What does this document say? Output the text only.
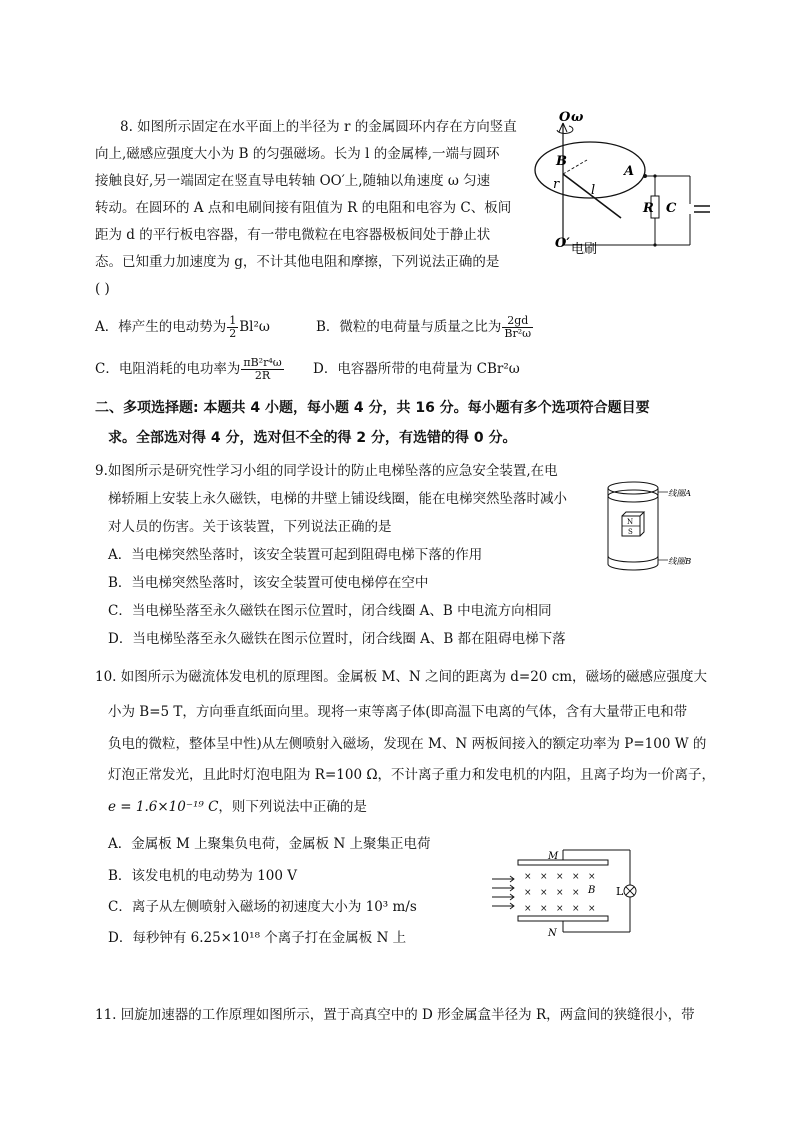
8. 如图所示固定在水平面上的半径为 r 的金属圆环内存在方向竖直
向上,磁感应强度大小为 B 的匀强磁场。长为 l 的金属棒,一端与圆环
接触良好,另一端固定在竖直导电转轴 OO′上,随轴以角速度 ω 匀速
转动。在圆环的 A 点和电刷间接有阻值为 R 的电阻和电容为 C、板间
距为 d 的平行板电容器，有一带电微粒在电容器极板间处于静止状
态。已知重力加速度为 g，不计其他电阻和摩擦，下列说法正确的是
( )
A．棒产生的电动势为 $\frac{1}{2} Bl^2\omega$	B．微粒的电荷量与质量之比为 $\frac{2gd}{\text{Br²ω}}$
C．电阻消耗的电功率为 $\frac{\text{πB²r⁴ω}}{2R}$ D．电容器所带的电荷量为 CBr²ω
O ω
B
r l
A
R C
O′ 电刷
二、多项选择题: 本题共 4 小题，每小题 4 分，共 16 分。每小题有多个选项符合题目要
求。全部选对得 4 分，选对但不全的得 2 分，有选错的得 0 分。
9.如图所示是研究性学习小组的同学设计的防止电梯坠落的应急安全装置,在电
梯轿厢上安装上永久磁铁，电梯的井壁上铺设线圈，能在电梯突然坠落时减小
对人员的伤害。关于该装置，下列说法正确的是
A．当电梯突然坠落时，该安全装置可起到阻碍电梯下落的作用
B．当电梯突然坠落时，该安全装置可使电梯停在空中
C．当电梯坠落至永久磁铁在图示位置时，闭合线圈 A、B 中电流方向相同
D．当电梯坠落至永久磁铁在图示位置时，闭合线圈 A、B 都在阻碍电梯下落
N
S
线圈A
线圈B
10. 如图所示为磁流体发电机的原理图。金属板 M、N 之间的距离为 d=20 cm，磁场的磁感应强度大
小为 B=5 T，方向垂直纸面向里。现将一束等离子体(即高温下电离的气体，含有大量带正电和带
负电的微粒，整体呈中性)从左侧喷射入磁场，发现在 M、N 两板间接入的额定功率为 P=100 W 的
灯泡正常发光，且此时灯泡电阻为 R=100 Ω，不计离子重力和发电机的内阻，且离子均为一价离子，
e = 1.6×10⁻¹⁹ C，则下列说法中正确的是
A．金属板 M 上聚集负电荷，金属板 N 上聚集正电荷
B．该发电机的电动势为 100 V
C．离子从左侧喷射入磁场的初速度大小为 10³ m/s
D．每秒钟有 6.25×10¹⁸ 个离子打在金属板 N 上
L
M
N
B
× × × × ×
× × × ×
× × × × ×
11. 回旋加速器的工作原理如图所示，置于高真空中的 D 形金属盒半径为 R，两盒间的狭缝很小，带
